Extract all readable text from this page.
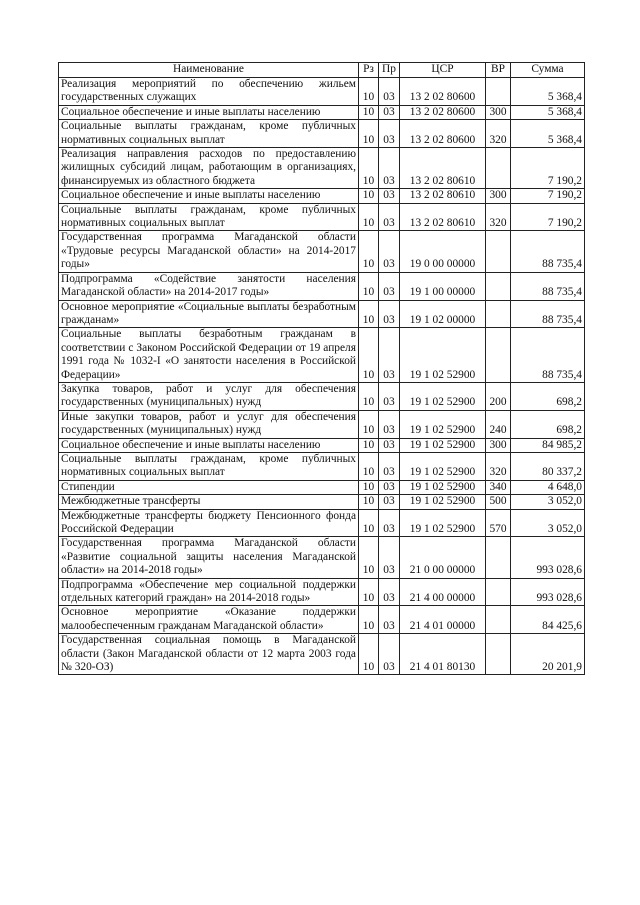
Наименование	Рз	Пр	ЦСР	ВР	Сумма
Реализация мероприятий по обеспечению жильем государственных служащих	10	03	13 2 02 80600		5 368,4
Социальное обеспечение и иные выплаты населению	10	03	13 2 02 80600	300	5 368,4
Социальные выплаты гражданам, кроме публичных нормативных социальных выплат	10	03	13 2 02 80600	320	5 368,4
Реализация направления расходов по предоставлению жилищных субсидий лицам, работающим в организациях, финансируемых из областного бюджета	10	03	13 2 02 80610		7 190,2
Социальное обеспечение и иные выплаты населению	10	03	13 2 02 80610	300	7 190,2
Социальные выплаты гражданам, кроме публичных нормативных социальных выплат	10	03	13 2 02 80610	320	7 190,2
Государственная программа Магаданской области «Трудовые ресурсы Магаданской области» на 2014-2017 годы»	10	03	19 0 00 00000		88 735,4
Подпрограмма «Содействие занятости населения Магаданской области» на 2014-2017 годы»	10	03	19 1 00 00000		88 735,4
Основное мероприятие «Социальные выплаты безработным гражданам»	10	03	19 1 02 00000		88 735,4
Социальные выплаты безработным гражданам в соответствии с Законом Российской Федерации от 19 апреля 1991 года № 1032-I «О занятости населения в Российской Федерации»	10	03	19 1 02 52900		88 735,4
Закупка товаров, работ и услуг для обеспечения государственных (муниципальных) нужд	10	03	19 1 02 52900	200	698,2
Иные закупки товаров, работ и услуг для обеспечения государственных (муниципальных) нужд	10	03	19 1 02 52900	240	698,2
Социальное обеспечение и иные выплаты населению	10	03	19 1 02 52900	300	84 985,2
Социальные выплаты гражданам, кроме публичных нормативных социальных выплат	10	03	19 1 02 52900	320	80 337,2
Стипендии	10	03	19 1 02 52900	340	4 648,0
Межбюджетные трансферты	10	03	19 1 02 52900	500	3 052,0
Межбюджетные трансферты бюджету Пенсионного фонда Российской Федерации	10	03	19 1 02 52900	570	3 052,0
Государственная программа Магаданской области «Развитие социальной защиты населения Магаданской области» на 2014-2018 годы»	10	03	21 0 00 00000		993 028,6
Подпрограмма «Обеспечение мер социальной поддержки отдельных категорий граждан» на 2014-2018 годы»	10	03	21 4 00 00000		993 028,6
Основное мероприятие «Оказание поддержки малообеспеченным гражданам Магаданской области»	10	03	21 4 01 00000		84 425,6
Государственная социальная помощь в Магаданской области (Закон Магаданской области от 12 марта 2003 года № 320-ОЗ)	10	03	21 4 01 80130		20 201,9
